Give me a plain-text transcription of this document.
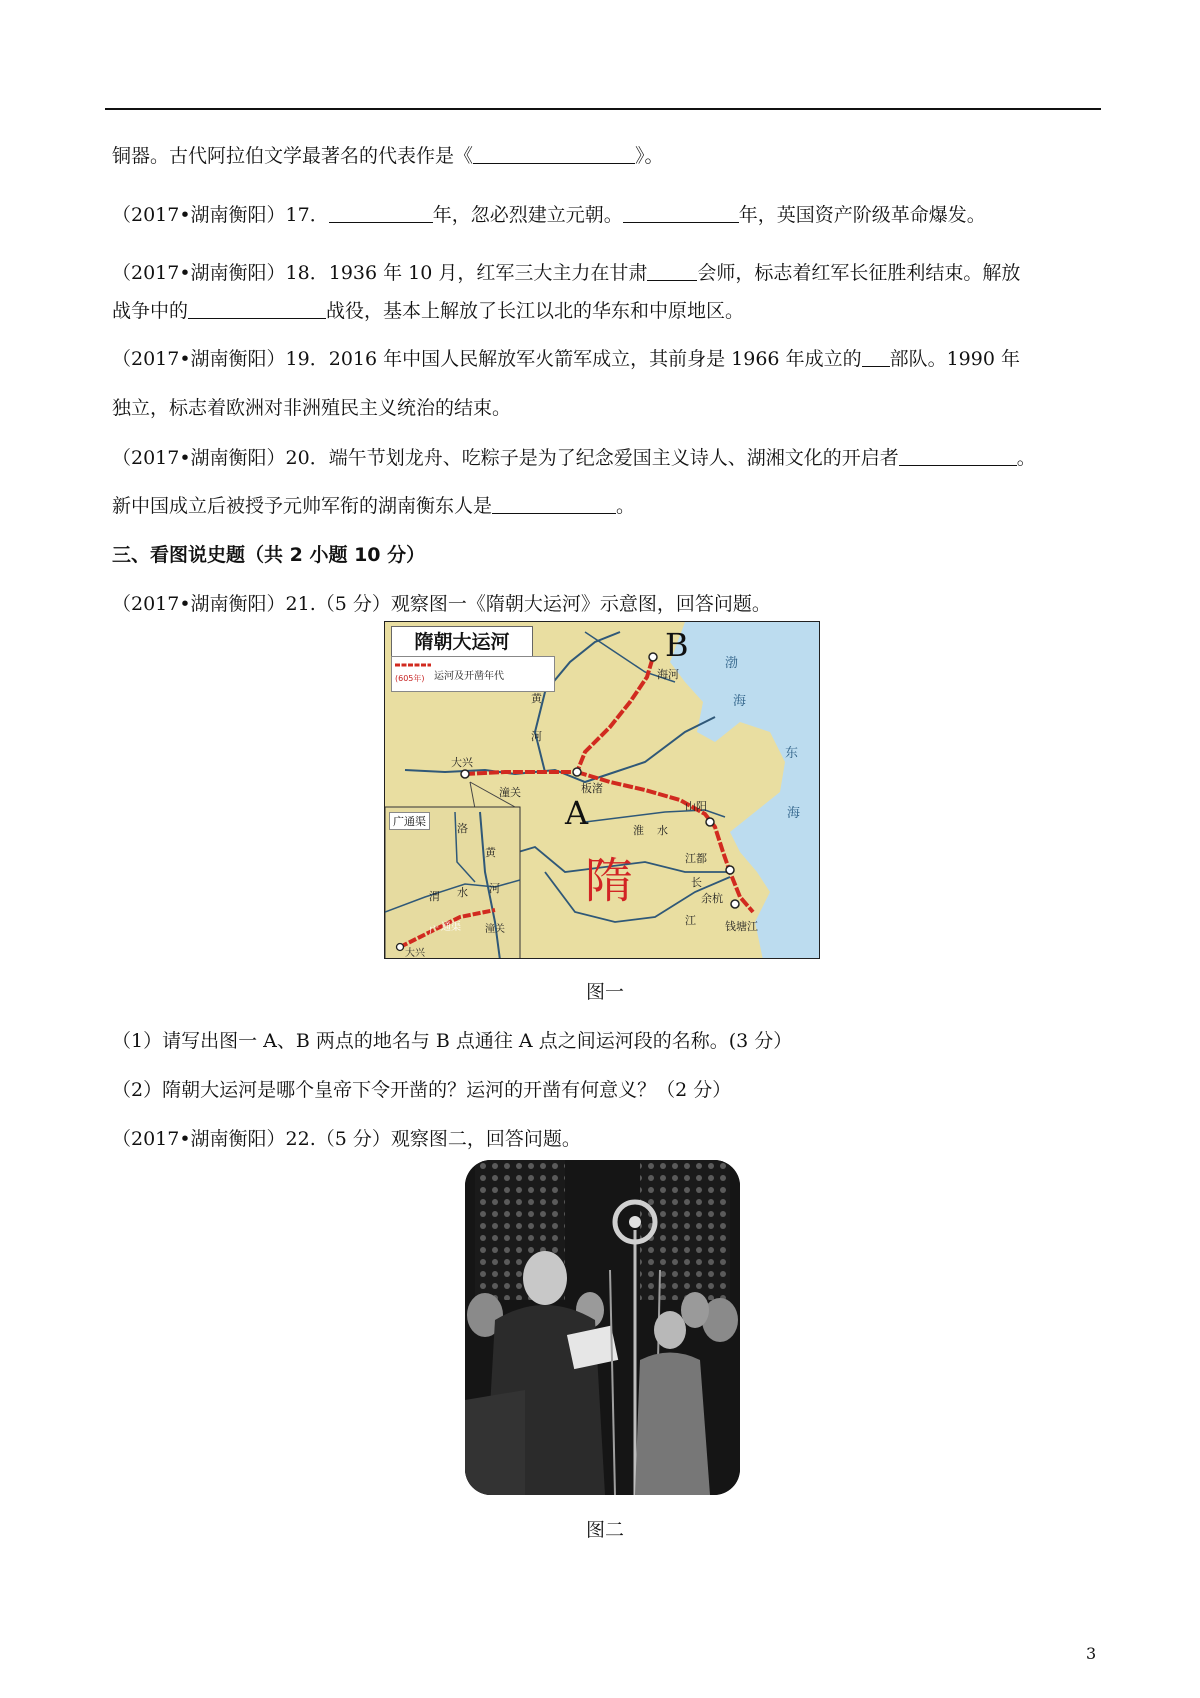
铜器。古代阿拉伯文学最著名的代表作是《	》。
（2017•湖南衡阳）17．	年，忽必烈建立元朝。	年，英国资产阶级革命爆发。
（2017•湖南衡阳）18．1936 年 10 月，红军三大主力在甘肃	会师，标志着红军长征胜利结束。解放
战争中的	战役，基本上解放了长江以北的华东和中原地区。
（2017•湖南衡阳）19．2016 年中国人民解放军火箭军成立，其前身是 1966 年成立的 部队。1990 年
独立，标志着欧洲对非洲殖民主义统治的结束。
（2017•湖南衡阳）20．端午节划龙舟、吃粽子是为了纪念爱国主义诗人、湖湘文化的开启者	。
新中国成立后被授予元帅军衔的湖南衡东人是	。
三、看图说史题（共 2 小题 10 分）
（2017•湖南衡阳）21.（5 分）观察图一《隋朝大运河》示意图，回答问题。
隋朝大运河
(605年) 运河及开凿年代
B
A
隋
黄
河
渤
海
东
海
海河
大兴
潼关	板渚
山阳
江都
淮 水
长
江
余杭
钱塘江
广通渠
洛
黄
渭 水 河
广 通渠 潼关
大兴
图一
（1）请写出图一 A、B 两点的地名与 B 点通往 A 点之间运河段的名称。(3 分）
（2）隋朝大运河是哪个皇帝下令开凿的？运河的开凿有何意义？（2 分）
（2017•湖南衡阳）22.（5 分）观察图二，回答问题。
图二
3
